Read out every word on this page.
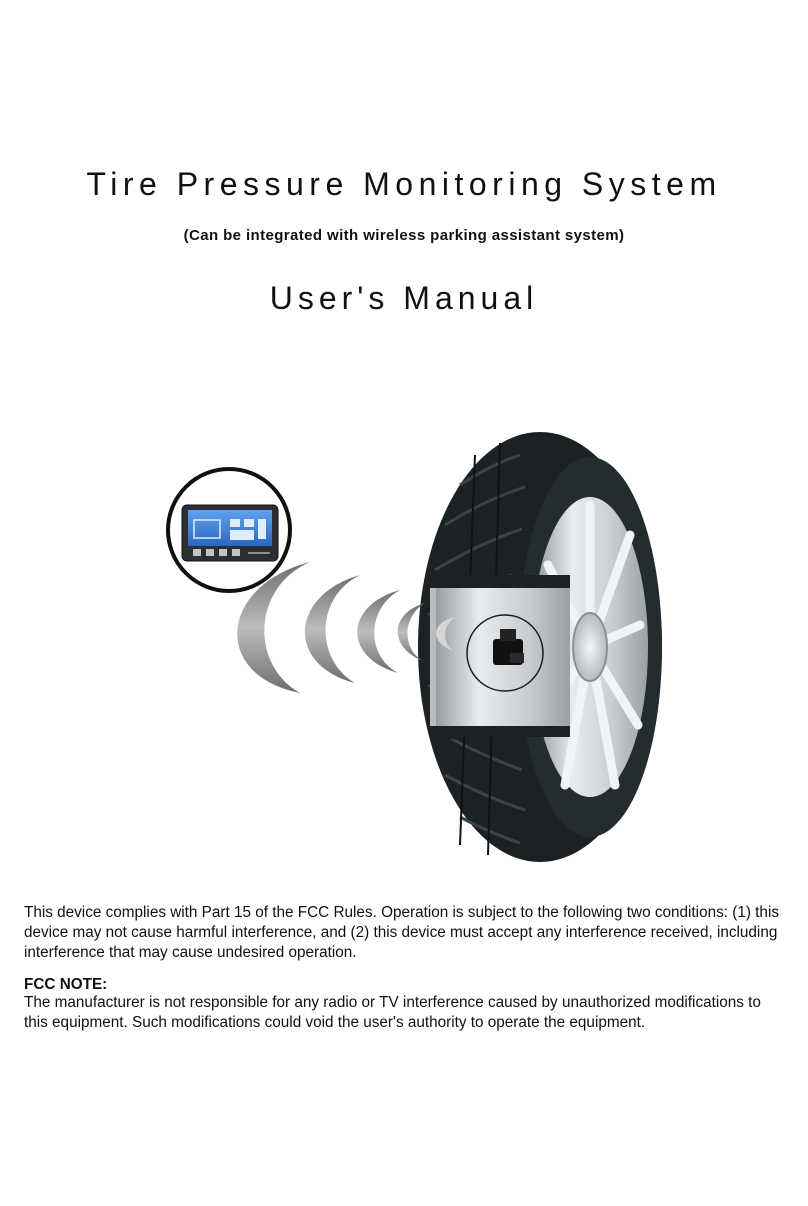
Tire Pressure Monitoring System

(Can be integrated with wireless parking assistant system)

User's Manual

This device complies with Part 15 of the FCC Rules. Operation is subject to the following two conditions: (1) this device may not cause harmful interference, and (2) this device must accept any interference received, including interference that may cause undesired operation.

FCC NOTE:

The manufacturer is not responsible for any radio or TV interference caused by unauthorized modifications to this equipment. Such modifications could void the user's authority to operate the equipment.
